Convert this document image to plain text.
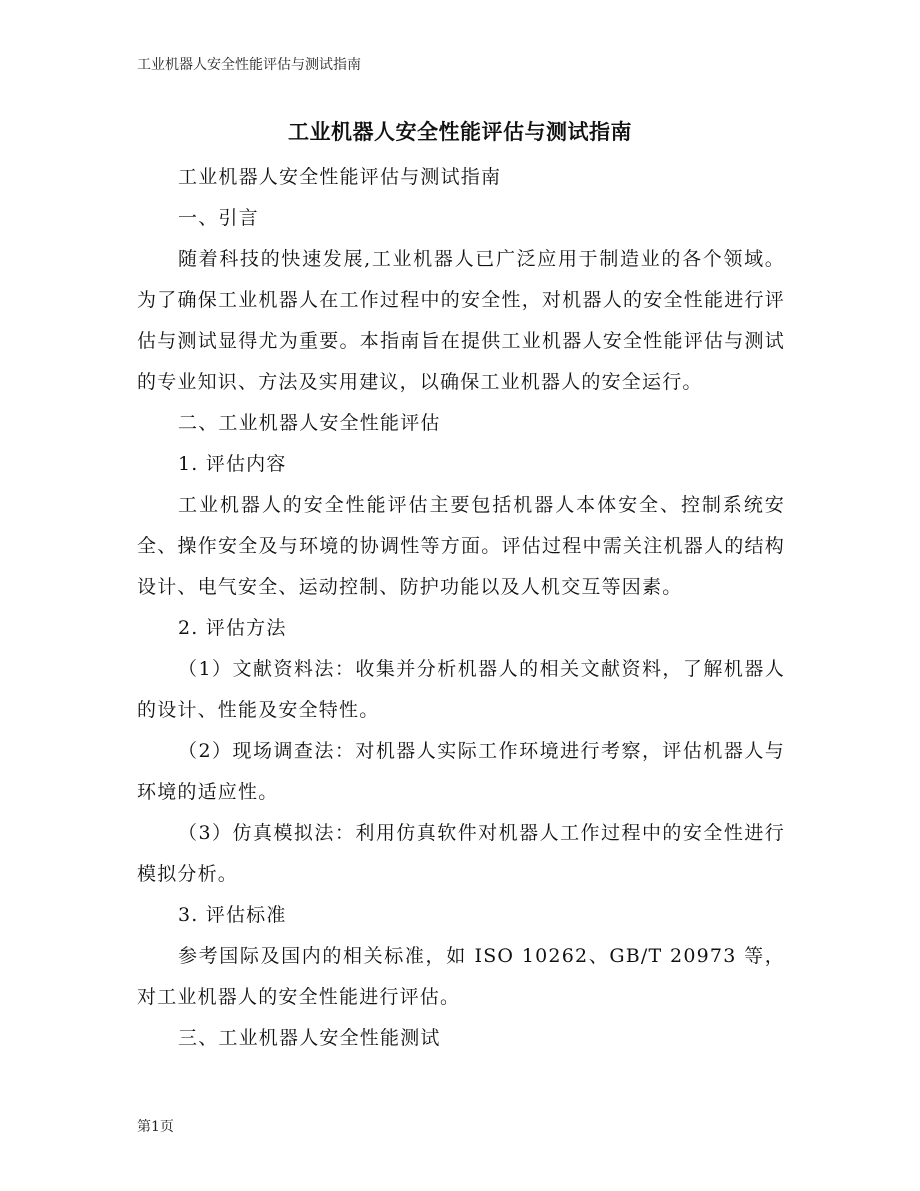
工业机器人安全性能评估与测试指南
工业机器人安全性能评估与测试指南

工业机器人安全性能评估与测试指南

一、引言

随着科技的快速发展,工业机器人已广泛应用于制造业的各个领域。为了确保工业机器人在工作过程中的安全性，对机器人的安全性能进行评估与测试显得尤为重要。本指南旨在提供工业机器人安全性能评估与测试的专业知识、方法及实用建议，以确保工业机器人的安全运行。

二、工业机器人安全性能评估

1. 评估内容

工业机器人的安全性能评估主要包括机器人本体安全、控制系统安全、操作安全及与环境的协调性等方面。评估过程中需关注机器人的结构设计、电气安全、运动控制、防护功能以及人机交互等因素。

2. 评估方法

（1）文献资料法：收集并分析机器人的相关文献资料，了解机器人的设计、性能及安全特性。

（2）现场调查法：对机器人实际工作环境进行考察，评估机器人与环境的适应性。

（3）仿真模拟法：利用仿真软件对机器人工作过程中的安全性进行模拟分析。

3. 评估标准

参考国际及国内的相关标准，如 ISO 10262、GB/T 20973 等，对工业机器人的安全性能进行评估。

三、工业机器人安全性能测试

第1页
